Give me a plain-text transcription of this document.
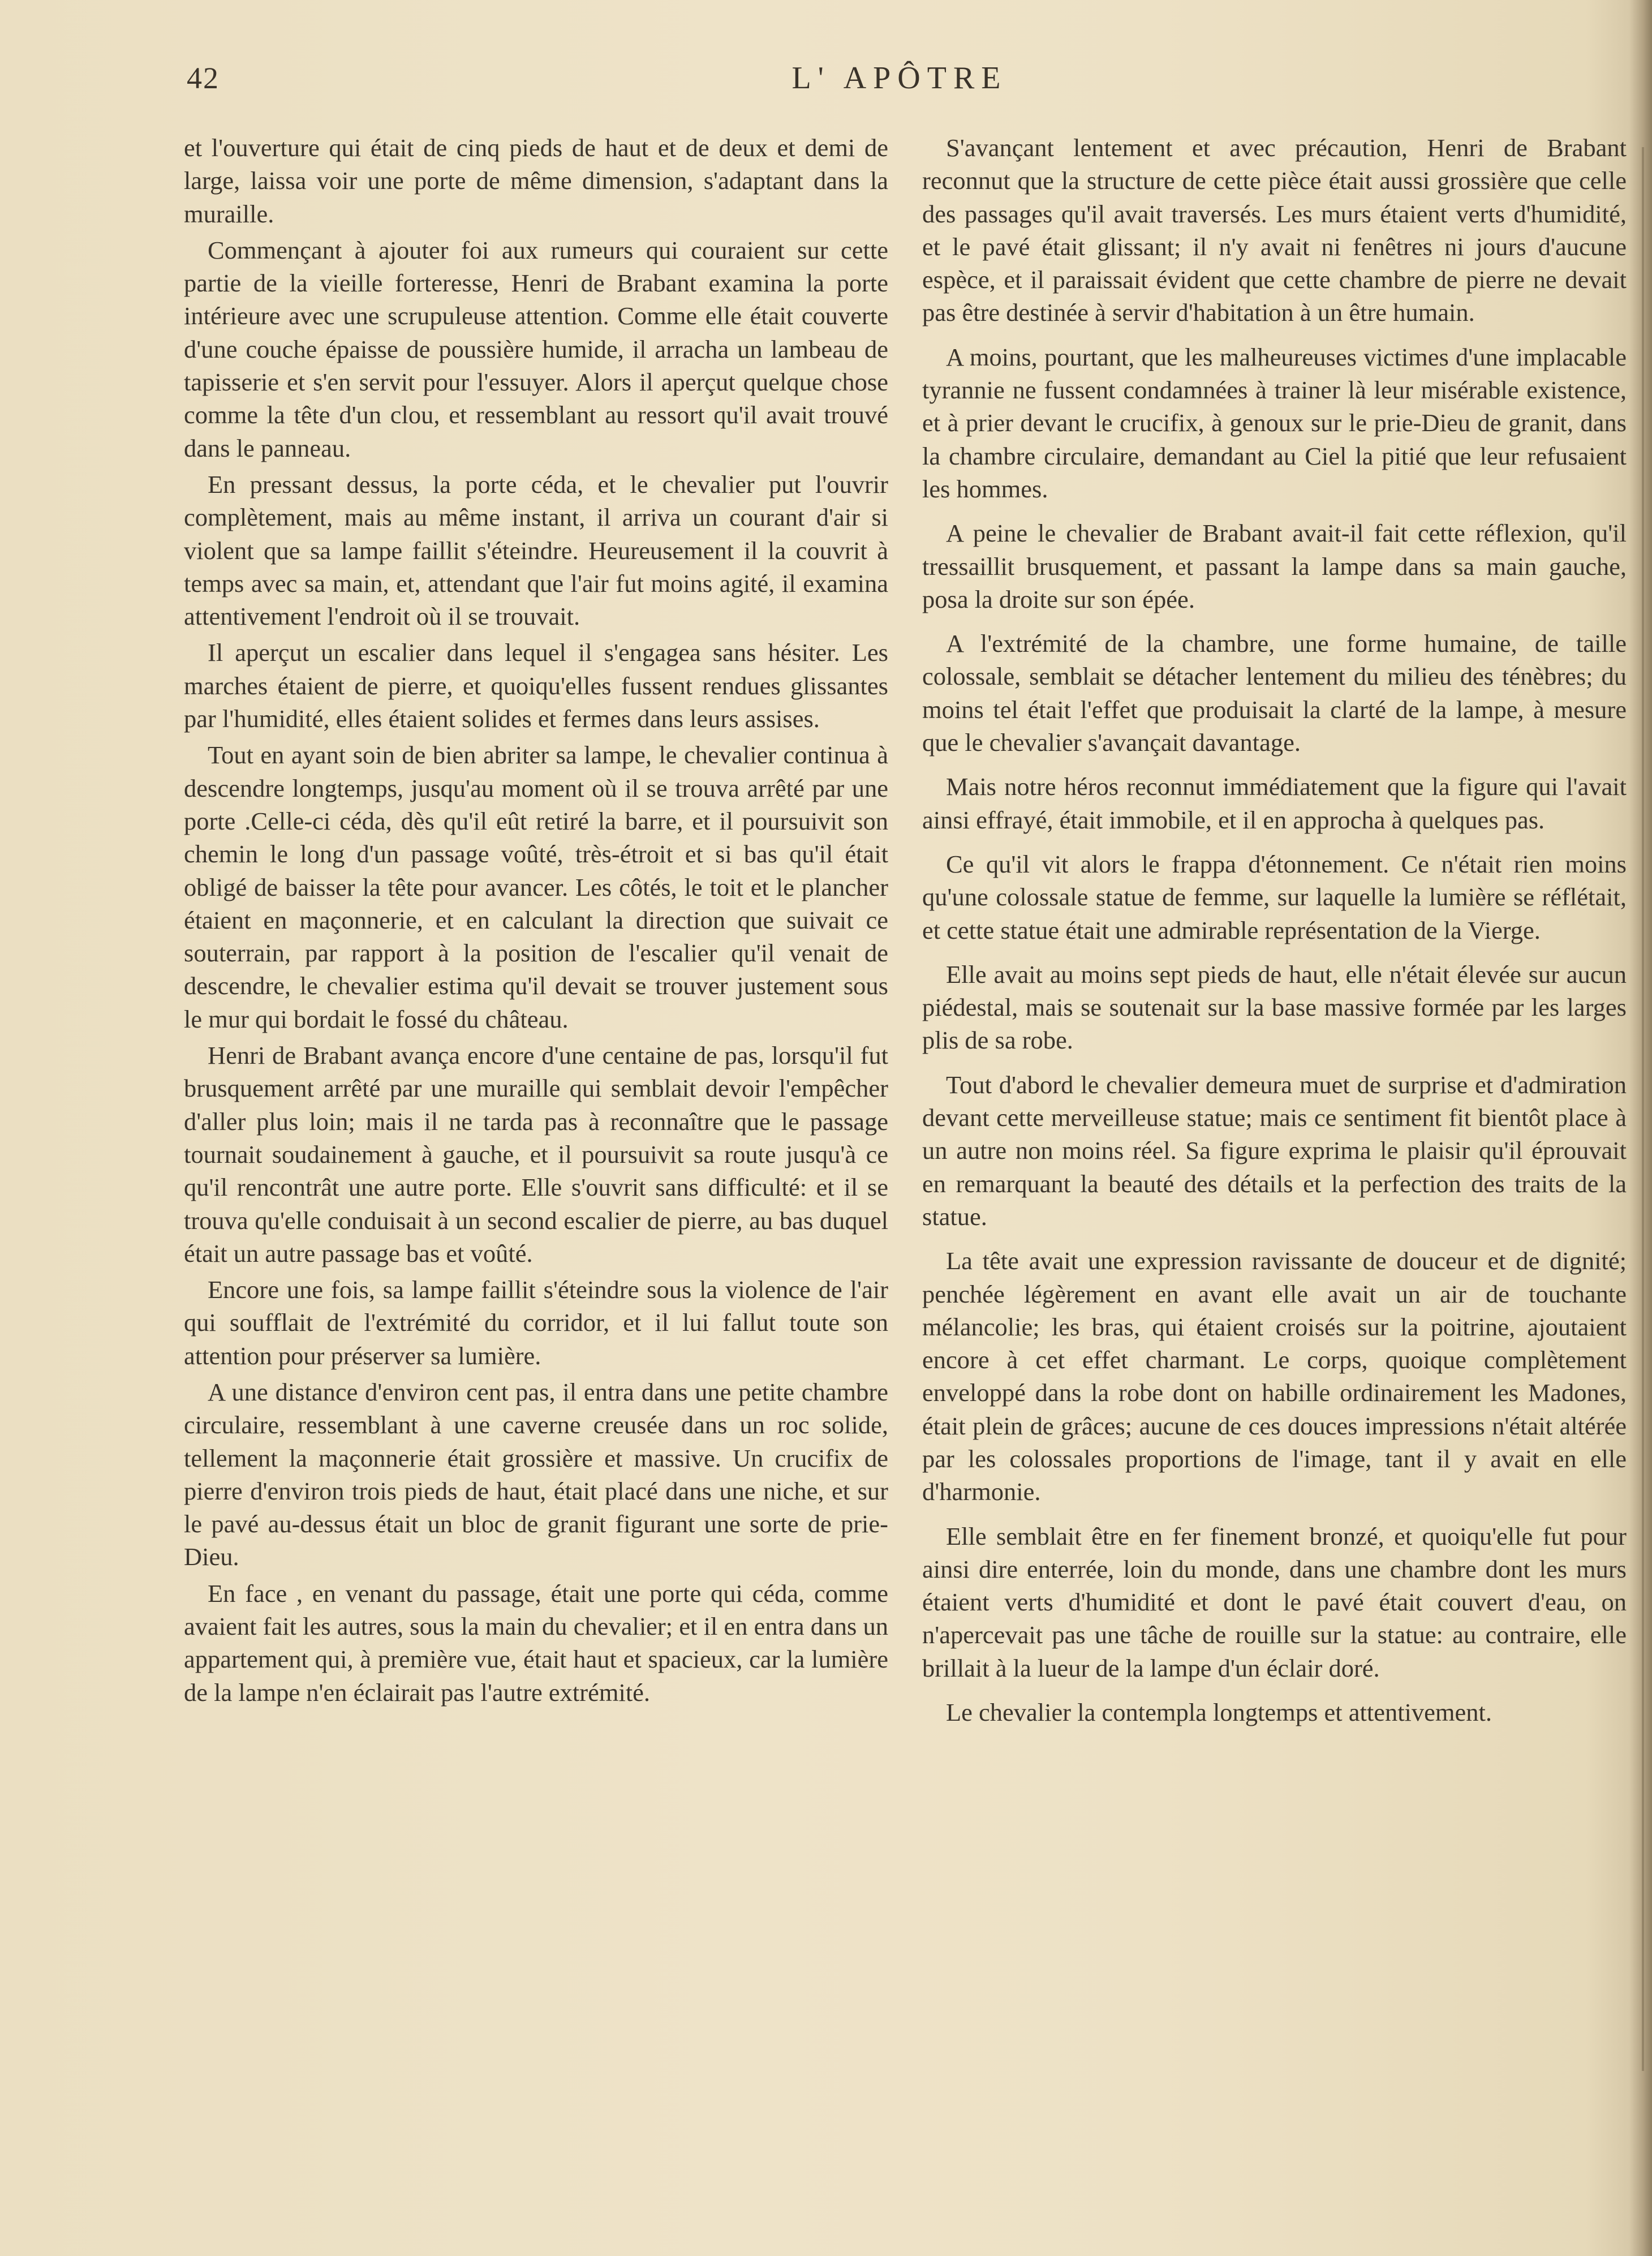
42	L' APÔTRE

et l'ouverture qui était de cinq pieds de haut et de deux et demi de large, laissa voir une porte de même dimension, s'adaptant dans la muraille.

Commençant à ajouter foi aux rumeurs qui couraient sur cette partie de la vieille forteresse, Henri de Brabant examina la porte intérieure avec une scrupuleuse attention. Comme elle était couverte d'une couche épaisse de poussière humide, il arracha un lambeau de tapisserie et s'en servit pour l'essuyer. Alors il aperçut quelque chose comme la tête d'un clou, et ressemblant au ressort qu'il avait trouvé dans le panneau.

En pressant dessus, la porte céda, et le chevalier put l'ouvrir complètement, mais au même instant, il arriva un courant d'air si violent que sa lampe faillit s'éteindre. Heureusement il la couvrit à temps avec sa main, et, attendant que l'air fut moins agité, il examina attentivement l'endroit où il se trouvait.

Il aperçut un escalier dans lequel il s'engagea sans hésiter. Les marches étaient de pierre, et quoiqu'elles fussent rendues glissantes par l'humidité, elles étaient solides et fermes dans leurs assises.

Tout en ayant soin de bien abriter sa lampe, le chevalier continua à descendre longtemps, jusqu'au moment où il se trouva arrêté par une porte .Celle-ci céda, dès qu'il eût retiré la barre, et il poursuivit son chemin le long d'un passage voûté, très-étroit et si bas qu'il était obligé de baisser la tête pour avancer. Les côtés, le toit et le plancher étaient en maçonnerie, et en calculant la direction que suivait ce souterrain, par rapport à la position de l'escalier qu'il venait de descendre, le chevalier estima qu'il devait se trouver justement sous le mur qui bordait le fossé du château.

Henri de Brabant avança encore d'une centaine de pas, lorsqu'il fut brusquement arrêté par une muraille qui semblait devoir l'empêcher d'aller plus loin; mais il ne tarda pas à reconnaître que le passage tournait soudainement à gauche, et il poursuivit sa route jusqu'à ce qu'il rencontrât une autre porte. Elle s'ouvrit sans difficulté: et il se trouva qu'elle conduisait à un second escalier de pierre, au bas duquel était un autre passage bas et voûté.

Encore une fois, sa lampe faillit s'éteindre sous la violence de l'air qui soufflait de l'extrémité du corridor, et il lui fallut toute son attention pour préserver sa lumière.

A une distance d'environ cent pas, il entra dans une petite chambre circulaire, ressemblant à une caverne creusée dans un roc solide, tellement la maçonnerie était grossière et massive. Un crucifix de pierre d'environ trois pieds de haut, était placé dans une niche, et sur le pavé au-dessus était un bloc de granit figurant une sorte de prie-Dieu.

En face , en venant du passage, était une porte qui céda, comme avaient fait les autres, sous la main du chevalier; et il en entra dans un appartement qui, à première vue, était haut et spacieux, car la lumière de la lampe n'en éclairait pas l'autre extrémité.

S'avançant lentement et avec précaution, Henri de Brabant reconnut que la structure de cette pièce était aussi grossière que celle des passages qu'il avait traversés. Les murs étaient verts d'humidité, et le pavé était glissant; il n'y avait ni fenêtres ni jours d'aucune espèce, et il paraissait évident que cette chambre de pierre ne devait pas être destinée à servir d'habitation à un être humain.

A moins, pourtant, que les malheureuses victimes d'une implacable tyrannie ne fussent condamnées à trainer là leur misérable existence, et à prier devant le crucifix, à genoux sur le prie-Dieu de granit, dans la chambre circulaire, demandant au Ciel la pitié que leur refusaient les hommes.

A peine le chevalier de Brabant avait-il fait cette réflexion, qu'il tressaillit brusquement, et passant la lampe dans sa main gauche, posa la droite sur son épée.

A l'extrémité de la chambre, une forme humaine, de taille colossale, semblait se détacher lentement du milieu des ténèbres; du moins tel était l'effet que produisait la clarté de la lampe, à mesure que le chevalier s'avançait davantage.

Mais notre héros reconnut immédiatement que la figure qui l'avait ainsi effrayé, était immobile, et il en approcha à quelques pas.

Ce qu'il vit alors le frappa d'étonnement. Ce n'était rien moins qu'une colossale statue de femme, sur laquelle la lumière se réflétait, et cette statue était une admirable représentation de la Vierge.

Elle avait au moins sept pieds de haut, elle n'était élevée sur aucun piédestal, mais se soutenait sur la base massive formée par les larges plis de sa robe.

Tout d'abord le chevalier demeura muet de surprise et d'admiration devant cette merveilleuse statue; mais ce sentiment fit bientôt place à un autre non moins réel. Sa figure exprima le plaisir qu'il éprouvait en remarquant la beauté des détails et la perfection des traits de la statue.

La tête avait une expression ravissante de douceur et de dignité; penchée légèrement en avant elle avait un air de touchante mélancolie; les bras, qui étaient croisés sur la poitrine, ajoutaient encore à cet effet charmant. Le corps, quoique complètement enveloppé dans la robe dont on habille ordinairement les Madones, était plein de grâces; aucune de ces douces impressions n'était altérée par les colossales proportions de l'image, tant il y avait en elle d'harmonie.

Elle semblait être en fer finement bronzé, et quoiqu'elle fut pour ainsi dire enterrée, loin du monde, dans une chambre dont les murs étaient verts d'humidité et dont le pavé était couvert d'eau, on n'apercevait pas une tâche de rouille sur la statue: au contraire, elle brillait à la lueur de la lampe d'un éclair doré.

Le chevalier la contempla longtemps et attentivement.
